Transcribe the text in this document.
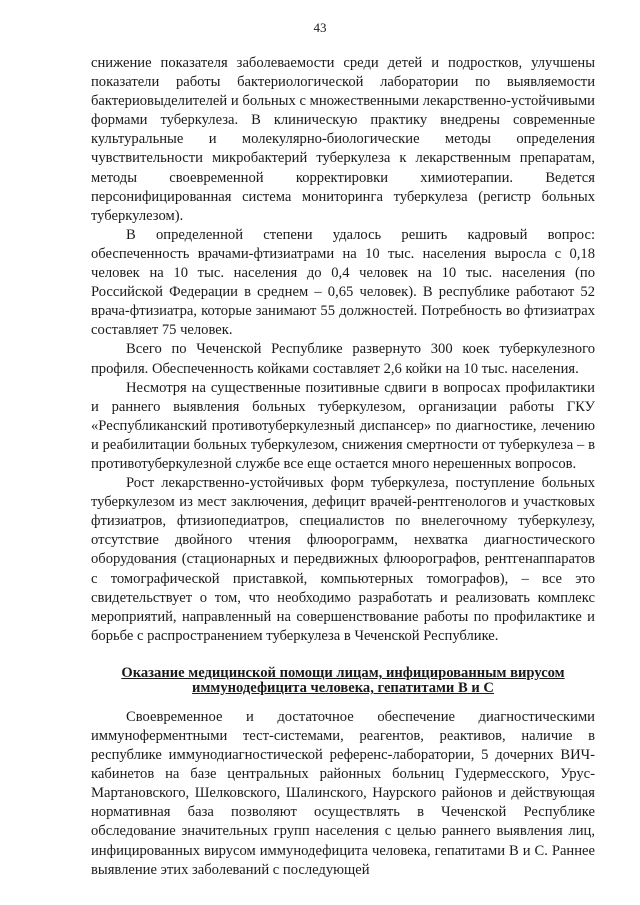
43

снижение показателя заболеваемости среди детей и подростков, улучшены показатели работы бактериологической лаборатории по выявляемости бактериовыделителей и больных с множественными лекарственно-устойчивыми формами туберкулеза. В клиническую практику внедрены современные культуральные и молекулярно-биологические методы определения чувствительности микробактерий туберкулеза к лекарственным препаратам, методы своевременной корректировки химиотерапии. Ведется персонифицированная система мониторинга туберкулеза (регистр больных туберкулезом).

В определенной степени удалось решить кадровый вопрос: обеспеченность врачами-фтизиатрами на 10 тыс. населения выросла с 0,18 человек на 10 тыс. населения до 0,4 человек на 10 тыс. населения (по Российской Федерации в среднем – 0,65 человек). В республике работают 52 врача-фтизиатра, которые занимают 55 должностей. Потребность во фтизиатрах составляет 75 человек.

Всего по Чеченской Республике развернуто 300 коек туберкулезного профиля. Обеспеченность койками составляет 2,6 койки на 10 тыс. населения.

Несмотря на существенные позитивные сдвиги в вопросах профилактики и раннего выявления больных туберкулезом, организации работы ГКУ «Республиканский противотуберкулезный диспансер» по диагностике, лечению и реабилитации больных туберкулезом, снижения смертности от туберкулеза – в противотуберкулезной службе все еще остается много нерешенных вопросов.

Рост лекарственно-устойчивых форм туберкулеза, поступление больных туберкулезом из мест заключения, дефицит врачей-рентгенологов и участковых фтизиатров, фтизиопедиатров, специалистов по внелегочному туберкулезу, отсутствие двойного чтения флюорограмм, нехватка диагностического оборудования (стационарных и передвижных флюорографов, рентгенаппаратов с томографической приставкой, компьютерных томографов), – все это свидетельствует о том, что необходимо разработать и реализовать комплекс мероприятий, направленный на совершенствование работы по профилактике и борьбе с распространением туберкулеза в Чеченской Республике.

Оказание медицинской помощи лицам, инфицированным вирусом иммунодефицита человека, гепатитами В и С

Своевременное и достаточное обеспечение диагностическими иммуноферментными тест-системами, реагентов, реактивов, наличие в республике иммунодиагностической референс-лаборатории, 5 дочерних ВИЧ-кабинетов на базе центральных районных больниц Гудермесского, Урус-Мартановского, Шелковского, Шалинского, Наурского районов и действующая нормативная база позволяют осуществлять в Чеченской Республике обследование значительных групп населения с целью раннего выявления лиц, инфицированных вирусом иммунодефицита человека, гепатитами В и С. Раннее выявление этих заболеваний с последующей
